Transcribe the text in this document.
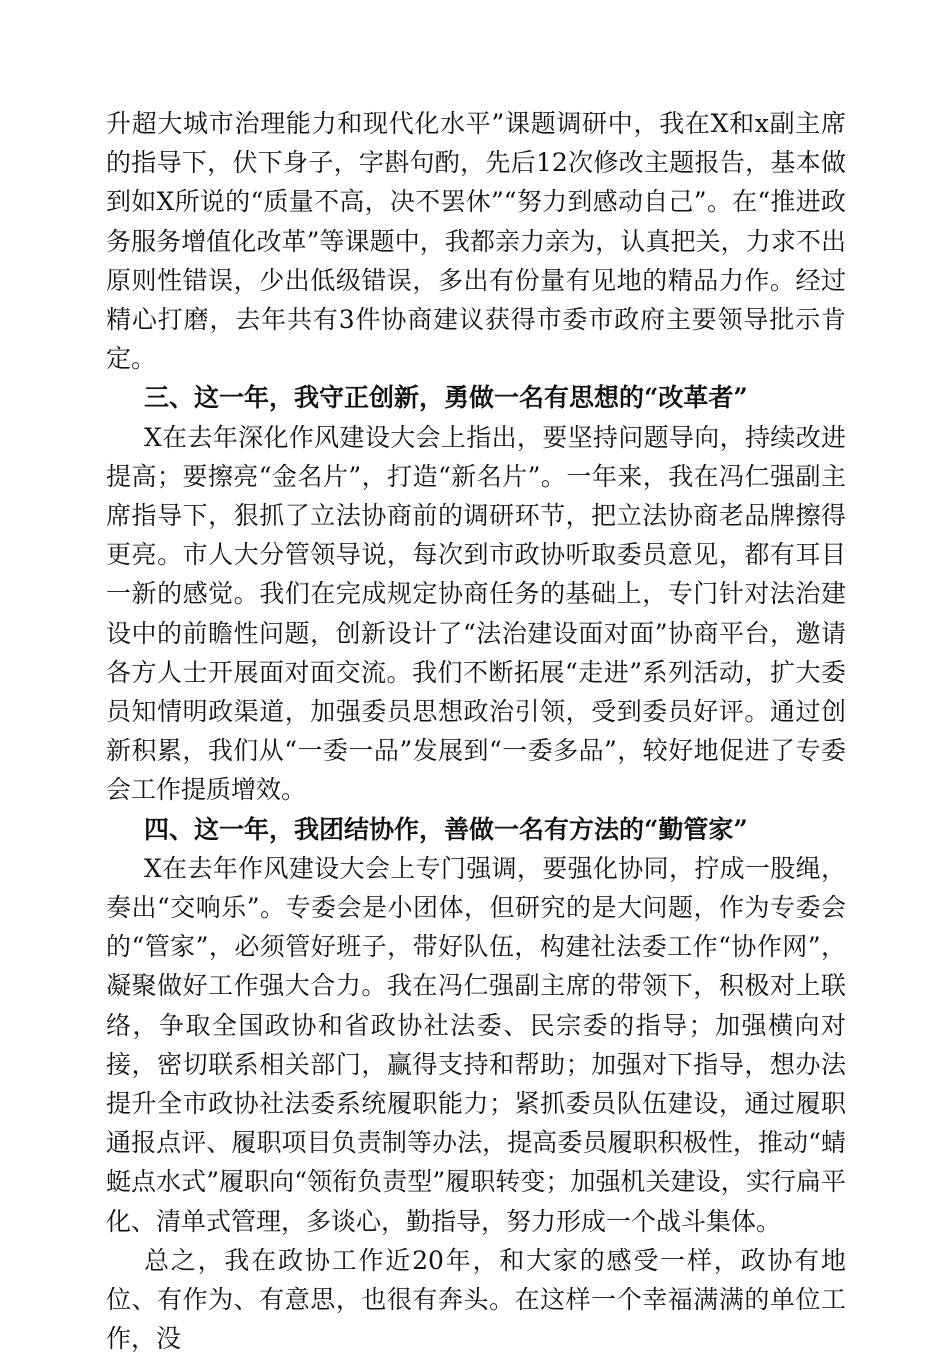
升超大城市治理能力和现代化水平”课题调研中，我在X和x副主席的指导下，伏下身子，字斟句酌，先后12次修改主题报告，基本做到如X所说的“质量不高，决不罢休”“努力到感动自己”。在“推进政务服务增值化改革”等课题中，我都亲力亲为，认真把关，力求不出原则性错误，少出低级错误，多出有份量有见地的精品力作。经过精心打磨，去年共有3件协商建议获得市委市政府主要领导批示肯定。

三、这一年，我守正创新，勇做一名有思想的“改革者”

X在去年深化作风建设大会上指出，要坚持问题导向，持续改进提高；要擦亮“金名片”，打造“新名片”。一年来，我在冯仁强副主席指导下，狠抓了立法协商前的调研环节，把立法协商老品牌擦得更亮。市人大分管领导说，每次到市政协听取委员意见，都有耳目一新的感觉。我们在完成规定协商任务的基础上，专门针对法治建设中的前瞻性问题，创新设计了“法治建设面对面”协商平台，邀请各方人士开展面对面交流。我们不断拓展“走进”系列活动，扩大委员知情明政渠道，加强委员思想政治引领，受到委员好评。通过创新积累，我们从“一委一品”发展到“一委多品”，较好地促进了专委会工作提质增效。

四、这一年，我团结协作，善做一名有方法的“勤管家”

X在去年作风建设大会上专门强调，要强化协同，拧成一股绳，奏出“交响乐”。专委会是小团体，但研究的是大问题，作为专委会的“管家”，必须管好班子，带好队伍，构建社法委工作“协作网”，凝聚做好工作强大合力。我在冯仁强副主席的带领下，积极对上联络，争取全国政协和省政协社法委、民宗委的指导；加强横向对接，密切联系相关部门，赢得支持和帮助；加强对下指导，想办法提升全市政协社法委系统履职能力；紧抓委员队伍建设，通过履职通报点评、履职项目负责制等办法，提高委员履职积极性，推动“蜻蜓点水式”履职向“领衔负责型”履职转变；加强机关建设，实行扁平化、清单式管理，多谈心，勤指导，努力形成一个战斗集体。

总之，我在政协工作近20年，和大家的感受一样，政协有地位、有作为、有意思，也很有奔头。在这样一个幸福满满的单位工作，没
